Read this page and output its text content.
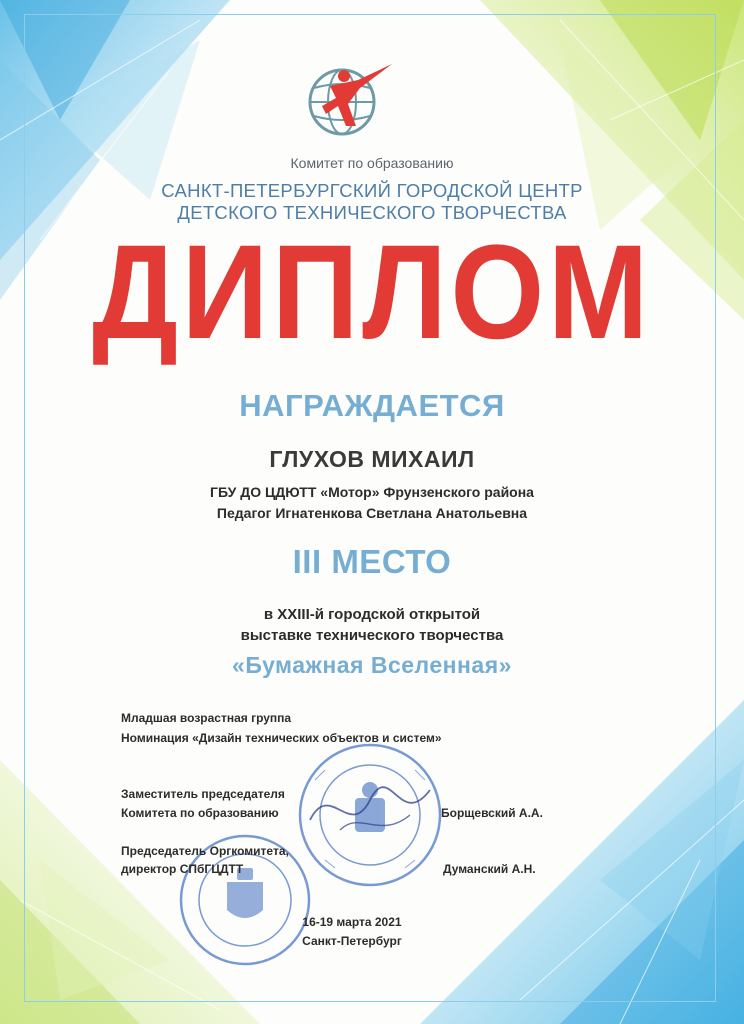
Комитет по образованию
САНКТ-ПЕТЕРБУРГСКИЙ ГОРОДСКОЙ ЦЕНТР
ДЕТСКОГО ТЕХНИЧЕСКОГО ТВОРЧЕСТВА
ДИПЛОМ
НАГРАЖДАЕТСЯ
ГЛУХОВ МИХАИЛ
ГБУ ДО ЦДЮТТ «Мотор» Фрунзенского района
Педагог Игнатенкова Светлана Анатольевна
III МЕСТО
в XXIII-й городской открытой
выставке технического творчества
«Бумажная Вселенная»
Младшая возрастная группа
Номинация «Дизайн технических объектов и систем»
Заместитель председателя
Комитета по образованию	Борщевский А.А.
Председатель Оргкомитета,
директор СПбГЦДТТ	Думанский А.Н.
16-19 марта 2021
Санкт-Петербург
